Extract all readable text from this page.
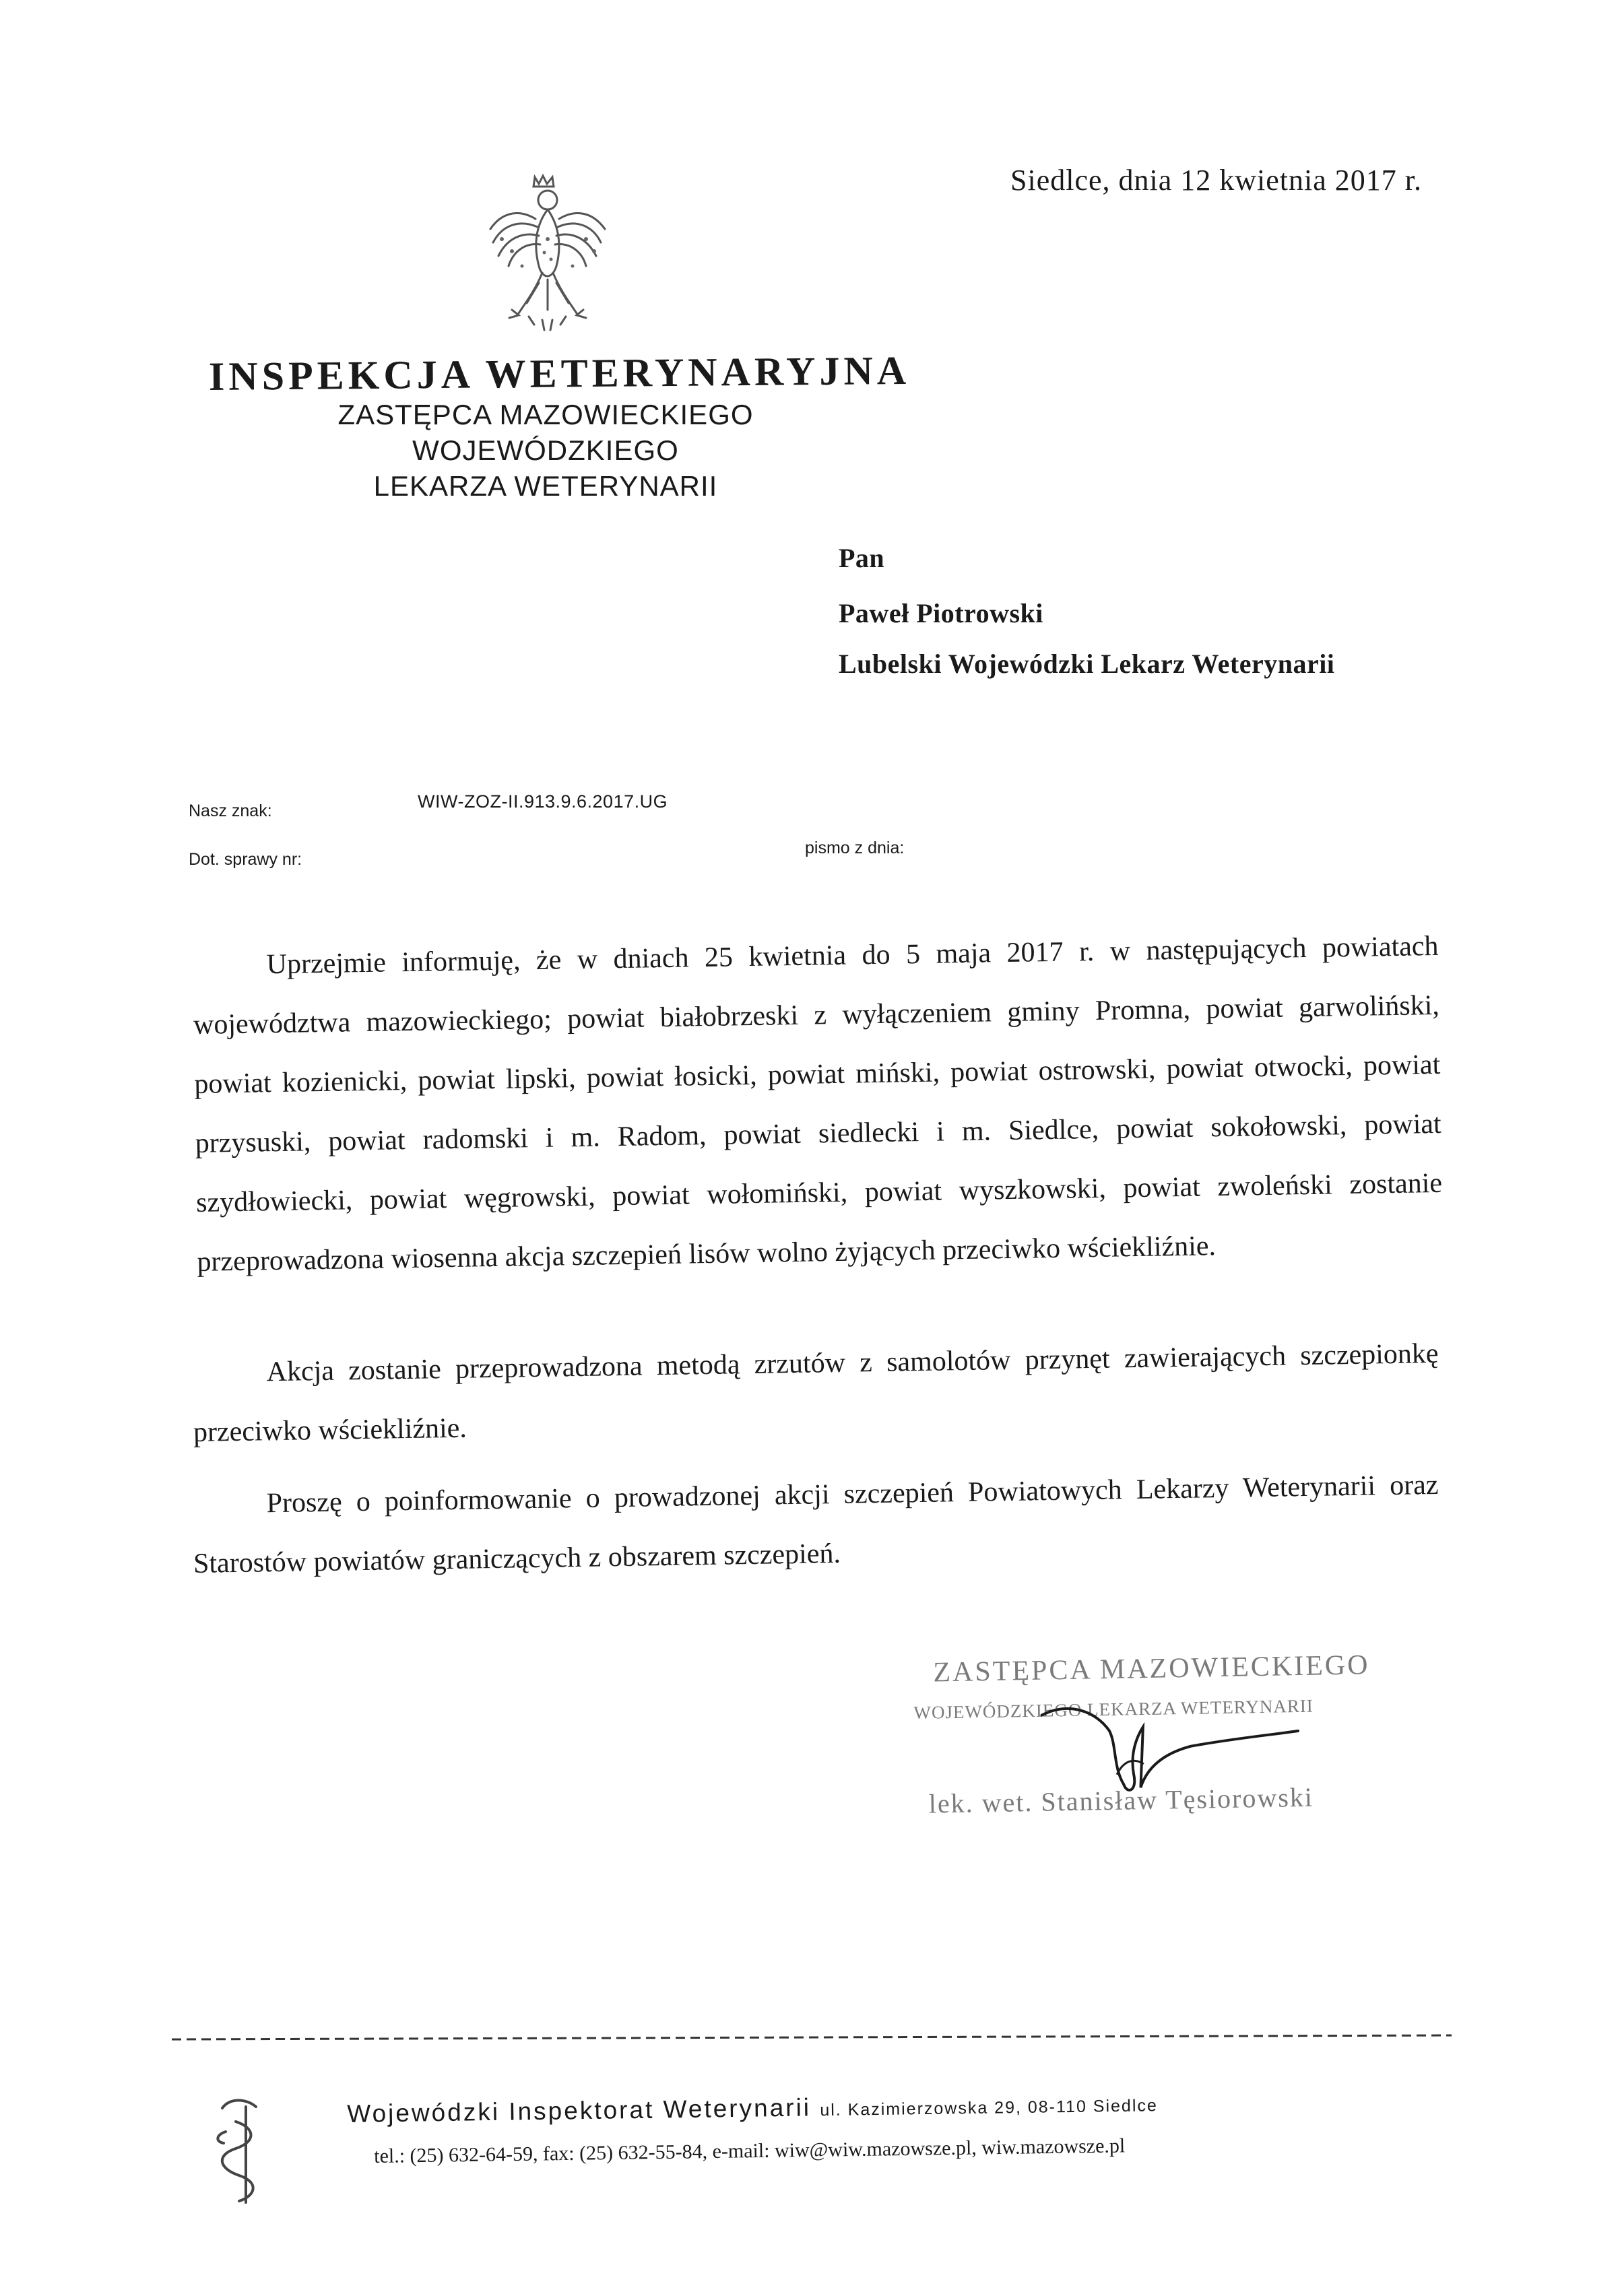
Siedlce, dnia 12 kwietnia 2017 r.
INSPEKCJA WETERYNARYJNA
ZASTĘPCA MAZOWIECKIEGO
WOJEWÓDZKIEGO
LEKARZA WETERYNARII
Pan
Paweł Piotrowski
Lubelski Wojewódzki Lekarz Weterynarii
Nasz znak:	WIW-ZOZ-II.913.9.6.2017.UG
Dot. sprawy nr:
pismo z dnia:
Uprzejmie informuję, że w dniach 25 kwietnia do 5 maja 2017 r. w następujących powiatach województwa mazowieckiego; powiat białobrzeski z wyłączeniem gminy Promna, powiat garwoliński, powiat kozienicki, powiat lipski, powiat łosicki, powiat miński, powiat ostrowski, powiat otwocki, powiat przysuski, powiat radomski i m. Radom, powiat siedlecki i m. Siedlce, powiat sokołowski, powiat szydłowiecki, powiat węgrowski, powiat wołomiński, powiat wyszkowski, powiat zwoleński zostanie przeprowadzona wiosenna akcja szczepień lisów wolno żyjących przeciwko wściekliźnie.
Akcja zostanie przeprowadzona metodą zrzutów z samolotów przynęt zawierających szczepionkę przeciwko wściekliźnie.
Proszę o poinformowanie o prowadzonej akcji szczepień Powiatowych Lekarzy Weterynarii oraz Starostów powiatów graniczących z obszarem szczepień.
ZASTĘPCA MAZOWIECKIEGO
WOJEWÓDZKIEGO LEKARZA WETERYNARII
lek. wet. Stanisław Tęsiorowski
Wojewódzki Inspektorat Weterynarii ul. Kazimierzowska 29, 08-110 Siedlce
tel.: (25) 632-64-59, fax: (25) 632-55-84, e-mail: wiw@wiw.mazowsze.pl, wiw.mazowsze.pl
